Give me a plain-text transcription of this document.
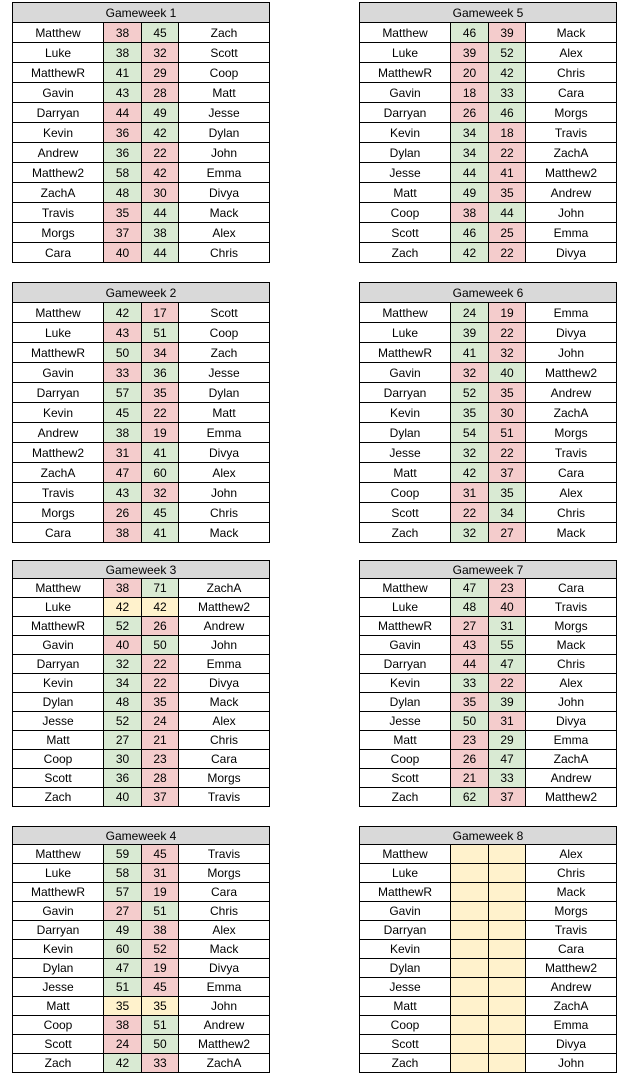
Gameweek 1			
Matthew	38	45	Zach
Luke	38	32	Scott
MatthewR	41	29	Coop
Gavin	43	28	Matt
Darryan	44	49	Jesse
Kevin	36	42	Dylan
Andrew	36	22	John
Matthew2	58	42	Emma
ZachA	48	30	Divya
Travis	35	44	Mack
Morgs	37	38	Alex
Cara	40	44	Chris
Gameweek 5			
Matthew	46	39	Mack
Luke	39	52	Alex
MatthewR	20	42	Chris
Gavin	18	33	Cara
Darryan	26	46	Morgs
Kevin	34	18	Travis
Dylan	34	22	ZachA
Jesse	44	41	Matthew2
Matt	49	35	Andrew
Coop	38	44	John
Scott	46	25	Emma
Zach	42	22	Divya
Gameweek 2			
Matthew	42	17	Scott
Luke	43	51	Coop
MatthewR	50	34	Zach
Gavin	33	36	Jesse
Darryan	57	35	Dylan
Kevin	45	22	Matt
Andrew	38	19	Emma
Matthew2	31	41	Divya
ZachA	47	60	Alex
Travis	43	32	John
Morgs	26	45	Chris
Cara	38	41	Mack
Gameweek 6			
Matthew	24	19	Emma
Luke	39	22	Divya
MatthewR	41	32	John
Gavin	32	40	Matthew2
Darryan	52	35	Andrew
Kevin	35	30	ZachA
Dylan	54	51	Morgs
Jesse	32	22	Travis
Matt	42	37	Cara
Coop	31	35	Alex
Scott	22	34	Chris
Zach	32	27	Mack
Gameweek 3			
Matthew	38	71	ZachA
Luke	42	42	Matthew2
MatthewR	52	26	Andrew
Gavin	40	50	John
Darryan	32	22	Emma
Kevin	34	22	Divya
Dylan	48	35	Mack
Jesse	52	24	Alex
Matt	27	21	Chris
Coop	30	23	Cara
Scott	36	28	Morgs
Zach	40	37	Travis
Gameweek 7			
Matthew	47	23	Cara
Luke	48	40	Travis
MatthewR	27	31	Morgs
Gavin	43	55	Mack
Darryan	44	47	Chris
Kevin	33	22	Alex
Dylan	35	39	John
Jesse	50	31	Divya
Matt	23	29	Emma
Coop	26	47	ZachA
Scott	21	33	Andrew
Zach	62	37	Matthew2
Gameweek 4			
Matthew	59	45	Travis
Luke	58	31	Morgs
MatthewR	57	19	Cara
Gavin	27	51	Chris
Darryan	49	38	Alex
Kevin	60	52	Mack
Dylan	47	19	Divya
Jesse	51	45	Emma
Matt	35	35	John
Coop	38	51	Andrew
Scott	24	50	Matthew2
Zach	42	33	ZachA
Gameweek 8			
Matthew			Alex
Luke			Chris
MatthewR			Mack
Gavin			Morgs
Darryan			Travis
Kevin			Cara
Dylan			Matthew2
Jesse			Andrew
Matt			ZachA
Coop			Emma
Scott			Divya
Zach			John
